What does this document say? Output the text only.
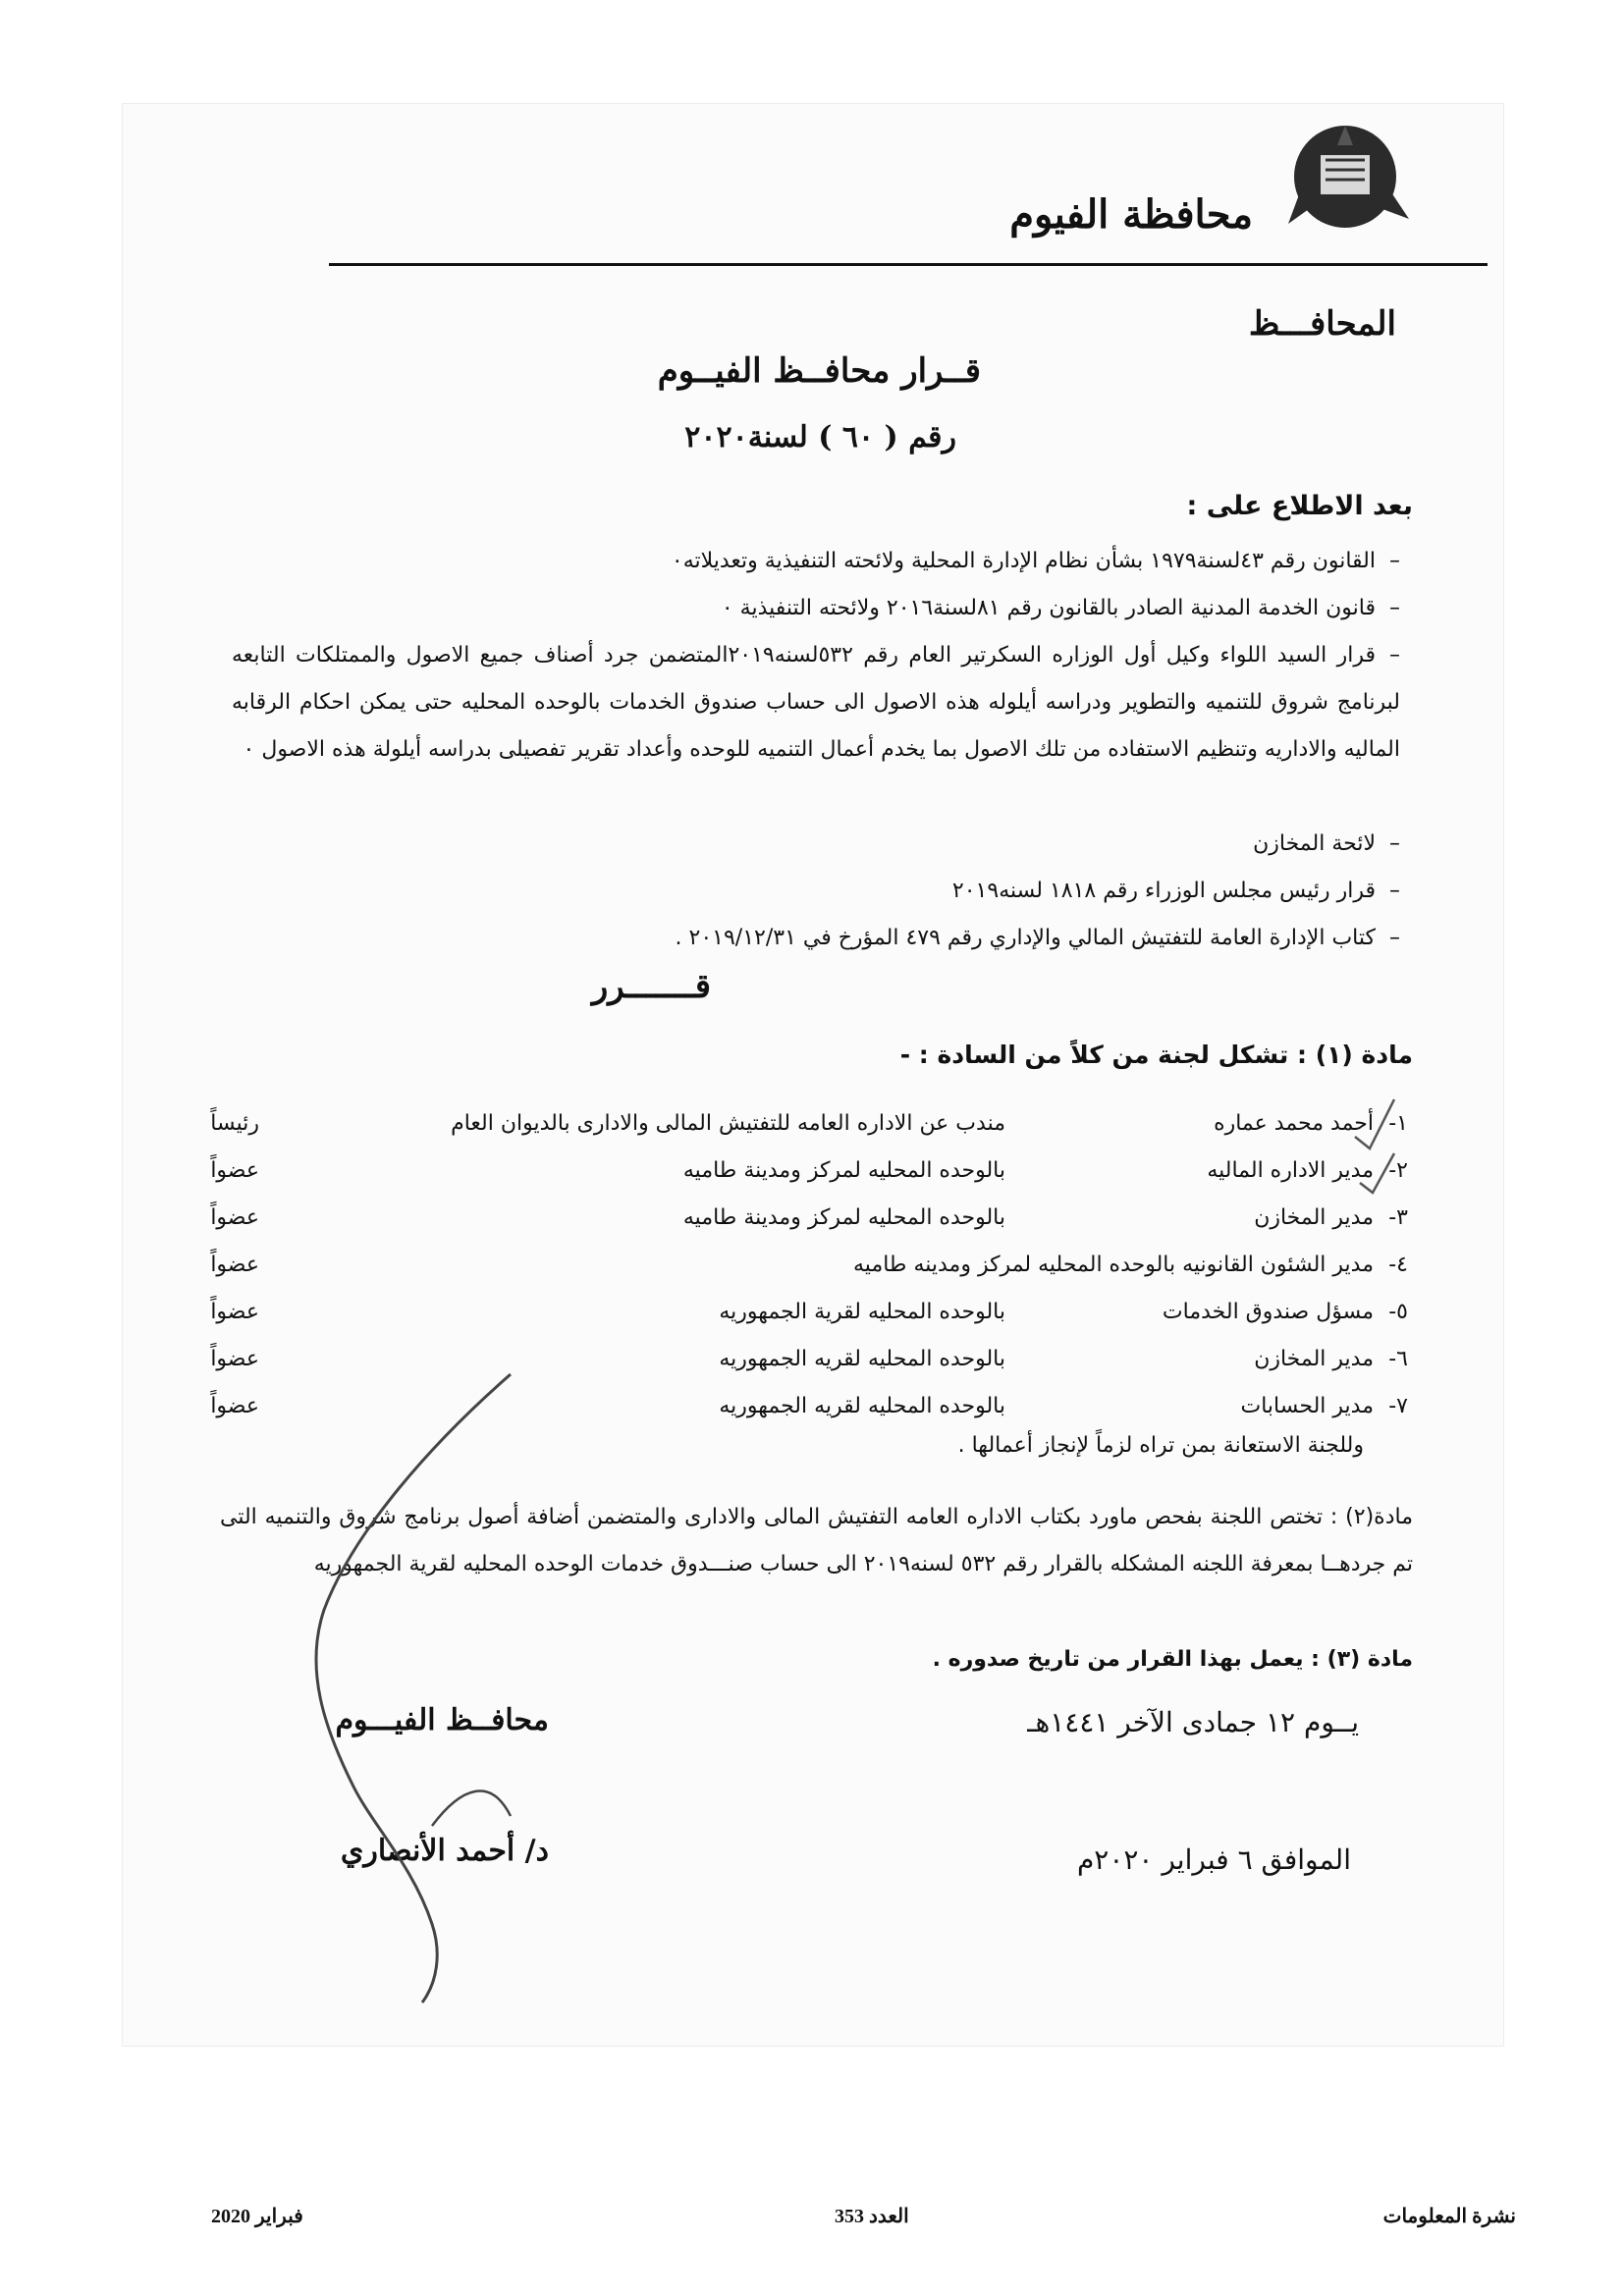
محافظة الفيوم
المحافـــظ
قــرار محافــظ الفيــوم
رقم ( ٦٠ ) لسنة٢٠٢٠
بعد الاطلاع على :
–القانون رقم ٤٣لسنة١٩٧٩ بشأن نظام الإدارة المحلية ولائحته التنفيذية وتعديلاته٠
–قانون الخدمة المدنية الصادر بالقانون رقم ٨١لسنة٢٠١٦ ولائحته التنفيذية ٠
–قرار السيد اللواء وكيل أول الوزاره السكرتير العام رقم ٥٣٢لسنه٢٠١٩المتضمن جرد أصناف جميع الاصول والممتلكات التابعه لبرنامج شروق للتنميه والتطوير ودراسه أيلوله هذه الاصول الى حساب صندوق الخدمات بالوحده المحليه حتى يمكن احكام الرقابه الماليه والاداريه وتنظيم الاستفاده من تلك الاصول بما يخدم أعمال التنميه للوحده وأعداد تقرير تفصيلى بدراسه أيلولة هذه الاصول ٠
–لائحة المخازن
–قرار رئيس مجلس الوزراء رقم ١٨١٨ لسنه٢٠١٩
–كتاب الإدارة العامة للتفتيش المالي والإداري رقم ٤٧٩ المؤرخ في ٢٠١٩/١٢/٣١ .
قـــــــرر
مادة (١) : تشكل لجنة من كلاً من السادة : -
١-
أحمد محمد عماره
مندب عن الاداره العامه للتفتيش المالى والادارى بالديوان العام
رئيساً
٢-
مدير الاداره الماليه
بالوحده المحليه لمركز ومدينة طاميه
عضواً
٣-
مدير المخازن
بالوحده المحليه لمركز ومدينة طاميه
عضواً
٤-
مدير الشئون القانونيه بالوحده المحليه لمركز ومدينه طاميه
عضواً
٥-
مسؤل صندوق الخدمات
بالوحده المحليه لقرية الجمهوريه
عضواً
٦-
مدير المخازن
بالوحده المحليه لقريه الجمهوريه
عضواً
٧-
مدير الحسابات
بالوحده المحليه لقريه الجمهوريه
عضواً
وللجنة الاستعانة بمن تراه لزماً لإنجاز أعمالها .
مادة(٢) : تختص اللجنة بفحص ماورد بكتاب الاداره العامه التفتيش المالى والادارى والمتضمن أضافة أصول برنامج شروق والتنميه التى تم جردهــا بمعرفة اللجنه المشكله بالقرار رقم ٥٣٢ لسنه٢٠١٩ الى حساب صنـــدوق خدمات الوحده المحليه لقرية الجمهوريه
مادة (٣) : يعمل بهذا القرار من تاريخ صدوره .
محافــظ الفيـــوم
د/ أحمد الأنصاري
يــوم ١٢ جمادى الآخر ١٤٤١هـ
الموافق ٦ فبراير ٢٠٢٠م
نشرة المعلومات
العدد 353
فبراير 2020
